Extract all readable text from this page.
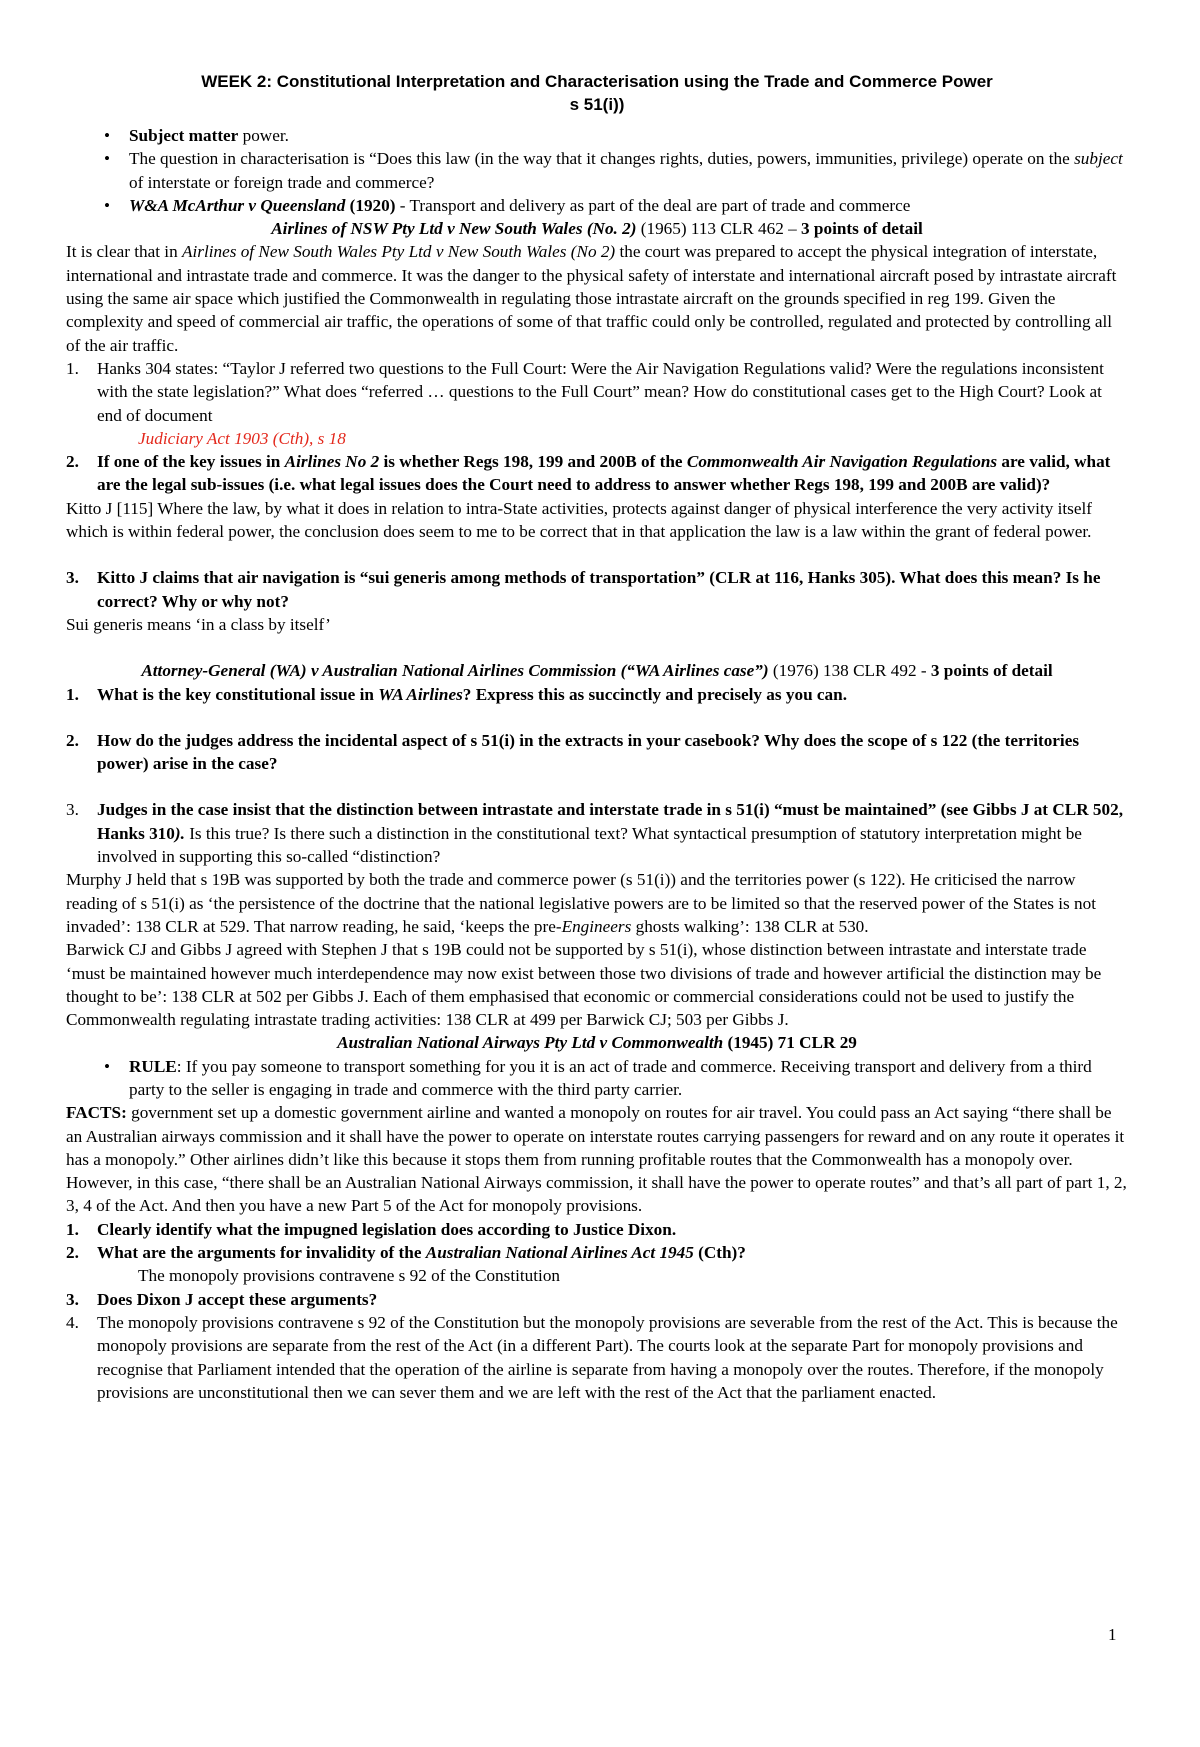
WEEK 2: Constitutional Interpretation and Characterisation using the Trade and Commerce Power

s 51(i))

• Subject matter power.
• The question in characterisation is “Does this law (in the way that it changes rights, duties, powers, immunities, privilege) operate on the subject of interstate or foreign trade and commerce?
• W&A McArthur v Queensland (1920) - Transport and delivery as part of the deal are part of trade and commerce

Airlines of NSW Pty Ltd v New South Wales (No. 2) (1965) 113 CLR 462 – 3 points of detail

It is clear that in Airlines of New South Wales Pty Ltd v New South Wales (No 2) the court was prepared to accept the physical integration of interstate, international and intrastate trade and commerce. It was the danger to the physical safety of interstate and international aircraft posed by intrastate aircraft using the same air space which justified the Commonwealth in regulating those intrastate aircraft on the grounds specified in reg 199. Given the complexity and speed of commercial air traffic, the operations of some of that traffic could only be controlled, regulated and protected by controlling all of the air traffic.

1. Hanks 304 states: “Taylor J referred two questions to the Full Court: Were the Air Navigation Regulations valid? Were the regulations inconsistent with the state legislation?” What does “referred … questions to the Full Court” mean? How do constitutional cases get to the High Court? Look at end of document

Judiciary Act 1903 (Cth), s 18

2. If one of the key issues in Airlines No 2 is whether Regs 198, 199 and 200B of the Commonwealth Air Navigation Regulations are valid, what are the legal sub-issues (i.e. what legal issues does the Court need to address to answer whether Regs 198, 199 and 200B are valid)?

Kitto J [115] Where the law, by what it does in relation to intra-State activities, protects against danger of physical interference the very activity itself which is within federal power, the conclusion does seem to me to be correct that in that application the law is a law within the grant of federal power.

3. Kitto J claims that air navigation is “sui generis among methods of transportation” (CLR at 116, Hanks 305). What does this mean? Is he correct? Why or why not?

Sui generis means ‘in a class by itself’

Attorney-General (WA) v Australian National Airlines Commission (“WA Airlines case”) (1976) 138 CLR 492 - 3 points of detail

1. What is the key constitutional issue in WA Airlines? Express this as succinctly and precisely as you can.
2. How do the judges address the incidental aspect of s 51(i) in the extracts in your casebook? Why does the scope of s 122 (the territories power) arise in the case?
3. Judges in the case insist that the distinction between intrastate and interstate trade in s 51(i) “must be maintained” (see Gibbs J at CLR 502, Hanks 310). Is this true? Is there such a distinction in the constitutional text? What syntactical presumption of statutory interpretation might be involved in supporting this so-called “distinction?

Murphy J held that s 19B was supported by both the trade and commerce power (s 51(i)) and the territories power (s 122). He criticised the narrow reading of s 51(i) as ‘the persistence of the doctrine that the national legislative powers are to be limited so that the reserved power of the States is not invaded’: 138 CLR at 529. That narrow reading, he said, ‘keeps the pre-Engineers ghosts walking’: 138 CLR at 530.

Barwick CJ and Gibbs J agreed with Stephen J that s 19B could not be supported by s 51(i), whose distinction between intrastate and interstate trade ‘must be maintained however much interdependence may now exist between those two divisions of trade and however artificial the distinction may be thought to be’: 138 CLR at 502 per Gibbs J. Each of them emphasised that economic or commercial considerations could not be used to justify the Commonwealth regulating intrastate trading activities: 138 CLR at 499 per Barwick CJ; 503 per Gibbs J.

Australian National Airways Pty Ltd v Commonwealth (1945) 71 CLR 29

• RULE: If you pay someone to transport something for you it is an act of trade and commerce. Receiving transport and delivery from a third party to the seller is engaging in trade and commerce with the third party carrier.

FACTS: government set up a domestic government airline and wanted a monopoly on routes for air travel. You could pass an Act saying “there shall be an Australian airways commission and it shall have the power to operate on interstate routes carrying passengers for reward and on any route it operates it has a monopoly.” Other airlines didn’t like this because it stops them from running profitable routes that the Commonwealth has a monopoly over. However, in this case, “there shall be an Australian National Airways commission, it shall have the power to operate routes” and that’s all part of part 1, 2, 3, 4 of the Act. And then you have a new Part 5 of the Act for monopoly provisions.

1. Clearly identify what the impugned legislation does according to Justice Dixon.
2. What are the arguments for invalidity of the Australian National Airlines Act 1945 (Cth)?

The monopoly provisions contravene s 92 of the Constitution

3. Does Dixon J accept these arguments?
4. The monopoly provisions contravene s 92 of the Constitution but the monopoly provisions are severable from the rest of the Act. This is because the monopoly provisions are separate from the rest of the Act (in a different Part). The courts look at the separate Part for monopoly provisions and recognise that Parliament intended that the operation of the airline is separate from having a monopoly over the routes. Therefore, if the monopoly provisions are unconstitutional then we can sever them and we are left with the rest of the Act that the parliament enacted.
1
